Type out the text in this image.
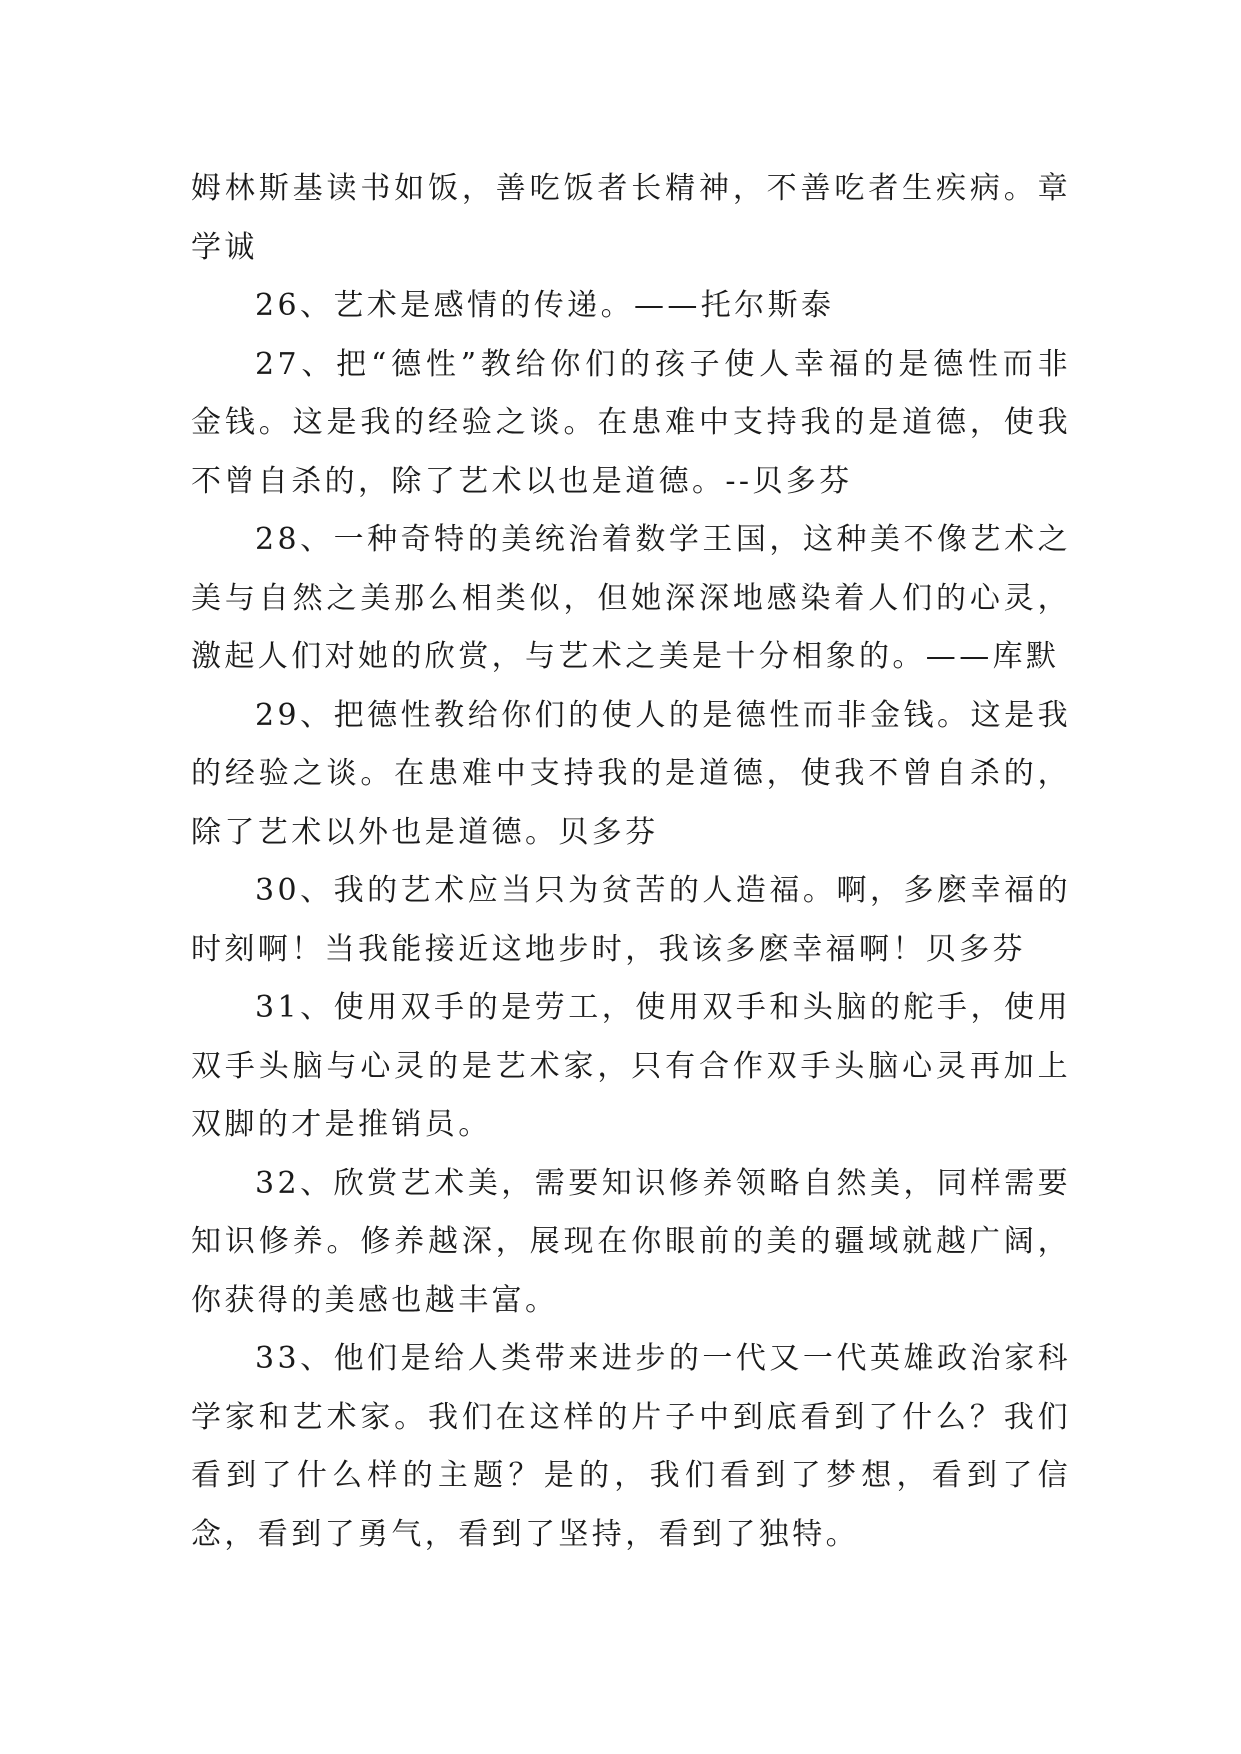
姆林斯基读书如饭，善吃饭者长精神，不善吃者生疾病。章学诚

26、艺术是感情的传递。——托尔斯泰

27、把“德性”教给你们的孩子使人幸福的是德性而非金钱。这是我的经验之谈。在患难中支持我的是道德，使我不曾自杀的，除了艺术以也是道德。--贝多芬

28、一种奇特的美统治着数学王国，这种美不像艺术之美与自然之美那么相类似，但她深深地感染着人们的心灵，激起人们对她的欣赏，与艺术之美是十分相象的。——库默

29、把德性教给你们的使人的是德性而非金钱。这是我的经验之谈。在患难中支持我的是道德，使我不曾自杀的，除了艺术以外也是道德。贝多芬

30、我的艺术应当只为贫苦的人造福。啊，多麽幸福的时刻啊！当我能接近这地步时，我该多麽幸福啊！贝多芬

31、使用双手的是劳工，使用双手和头脑的舵手，使用双手头脑与心灵的是艺术家，只有合作双手头脑心灵再加上双脚的才是推销员。

32、欣赏艺术美，需要知识修养领略自然美，同样需要知识修养。修养越深，展现在你眼前的美的疆域就越广阔，你获得的美感也越丰富。

33、他们是给人类带来进步的一代又一代英雄政治家科学家和艺术家。我们在这样的片子中到底看到了什么？我们看到了什么样的主题？是的，我们看到了梦想，看到了信念，看到了勇气，看到了坚持，看到了独特。
